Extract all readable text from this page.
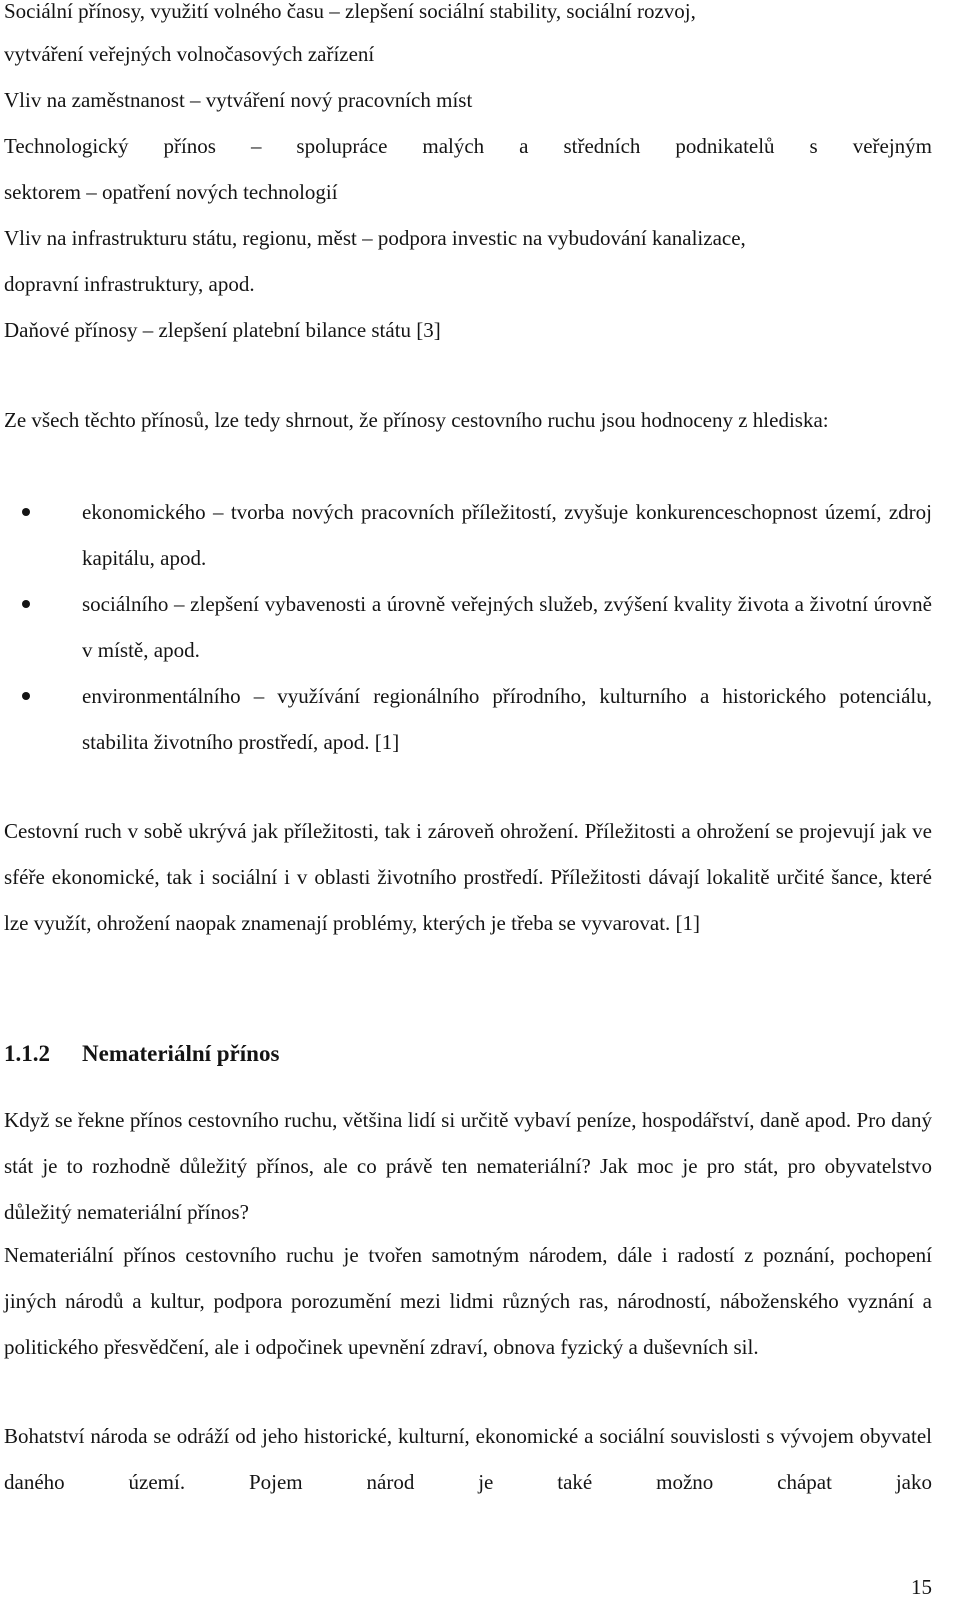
Sociální přínosy, využití volného času – zlepšení sociální stability, sociální rozvoj,

vytváření veřejných volnočasových zařízení

Vliv na zaměstnanost – vytváření nový pracovních míst

Technologický přínos – spolupráce malých a středních podnikatelů s veřejným

sektorem – opatření nových technologií

Vliv na infrastrukturu státu, regionu, měst – podpora investic na vybudování kanalizace,

dopravní infrastruktury, apod.

Daňové přínosy – zlepšení platební bilance státu [3]

Ze všech těchto přínosů, lze tedy shrnout, že přínosy cestovního ruchu jsou hodnoceny z hlediska:

ekonomického – tvorba nových pracovních příležitostí, zvyšuje konkurenceschopnost území, zdroj kapitálu, apod.
sociálního – zlepšení vybavenosti a úrovně veřejných služeb, zvýšení kvality života a životní úrovně v místě, apod.
environmentálního – využívání regionálního přírodního, kulturního a historického potenciálu, stabilita životního prostředí, apod. [1]

Cestovní ruch v sobě ukrývá jak příležitosti, tak i zároveň ohrožení. Příležitosti a ohrožení se projevují jak ve sféře ekonomické, tak i sociální i v oblasti životního prostředí. Příležitosti dávají lokalitě určité šance, které lze využít, ohrožení naopak znamenají problémy, kterých je třeba se vyvarovat. [1]

1.1.2 Nemateriální přínos

Když se řekne přínos cestovního ruchu, většina lidí si určitě vybaví peníze, hospodářství, daně apod. Pro daný stát je to rozhodně důležitý přínos, ale co právě ten nemateriální? Jak moc je pro stát, pro obyvatelstvo důležitý nemateriální přínos?

Nemateriální přínos cestovního ruchu je tvořen samotným národem, dále i radostí z poznání, pochopení jiných národů a kultur, podpora porozumění mezi lidmi různých ras, národností, náboženského vyznání a politického přesvědčení, ale i odpočinek upevnění zdraví, obnova fyzický a duševních sil.

Bohatství národa se odráží od jeho historické, kulturní, ekonomické a sociální souvislosti s vývojem obyvatel daného území. Pojem národ je také možno chápat jako

15
